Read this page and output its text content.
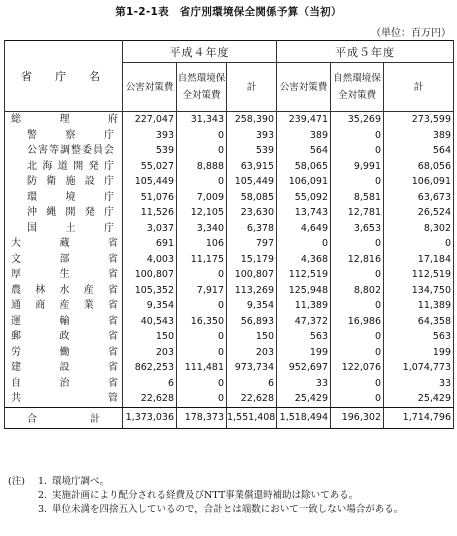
第1-2-1表　省庁別環境保全関係予算（当初）
（単位：百万円）
省　庁　名	平成４年度			平成５年度		
	公害対策費	自然環境保全対策費	計	公害対策費	自然環境保全対策費	計
総理府	227,047	31,343	258,390	239,471	35,269	273,599
警察庁	393	0	393	389	0	389
公害等調整委員会	539	0	539	564	0	564
北海道開発庁	55,027	8,888	63,915	58,065	9,991	68,056
防衛施設庁	105,449	0	105,449	106,091	0	106,091
環境庁	51,076	7,009	58,085	55,092	8,581	63,673
沖縄開発庁	11,526	12,105	23,630	13,743	12,781	26,524
国土庁	3,037	3,340	6,378	4,649	3,653	8,302
大蔵省	691	106	797	0	0	0
文部省	4,003	11,175	15,179	4,368	12,816	17,184
厚生省	100,807	0	100,807	112,519	0	112,519
農林水産省	105,352	7,917	113,269	125,948	8,802	134,750
通商産業省	9,354	0	9,354	11,389	0	11,389
運輸省	40,543	16,350	56,893	47,372	16,986	64,358
郵政省	150	0	150	563	0	563
労働省	203	0	203	199	0	199
建設省	862,253	111,481	973,734	952,697	122,076	1,074,773
自治省	6	0	6	33	0	33
共管	22,628	0	22,628	25,429	0	25,429
合計	1,373,036	178,373	1,551,408	1,518,494	196,302	1,714,796
(注) 1. 環境庁調べ。
2. 実施計画により配分される経費及びNTT事業償還時補助は除いてある。
3. 単位未満を四捨五入しているので，合計とは端数において一致しない場合がある。
